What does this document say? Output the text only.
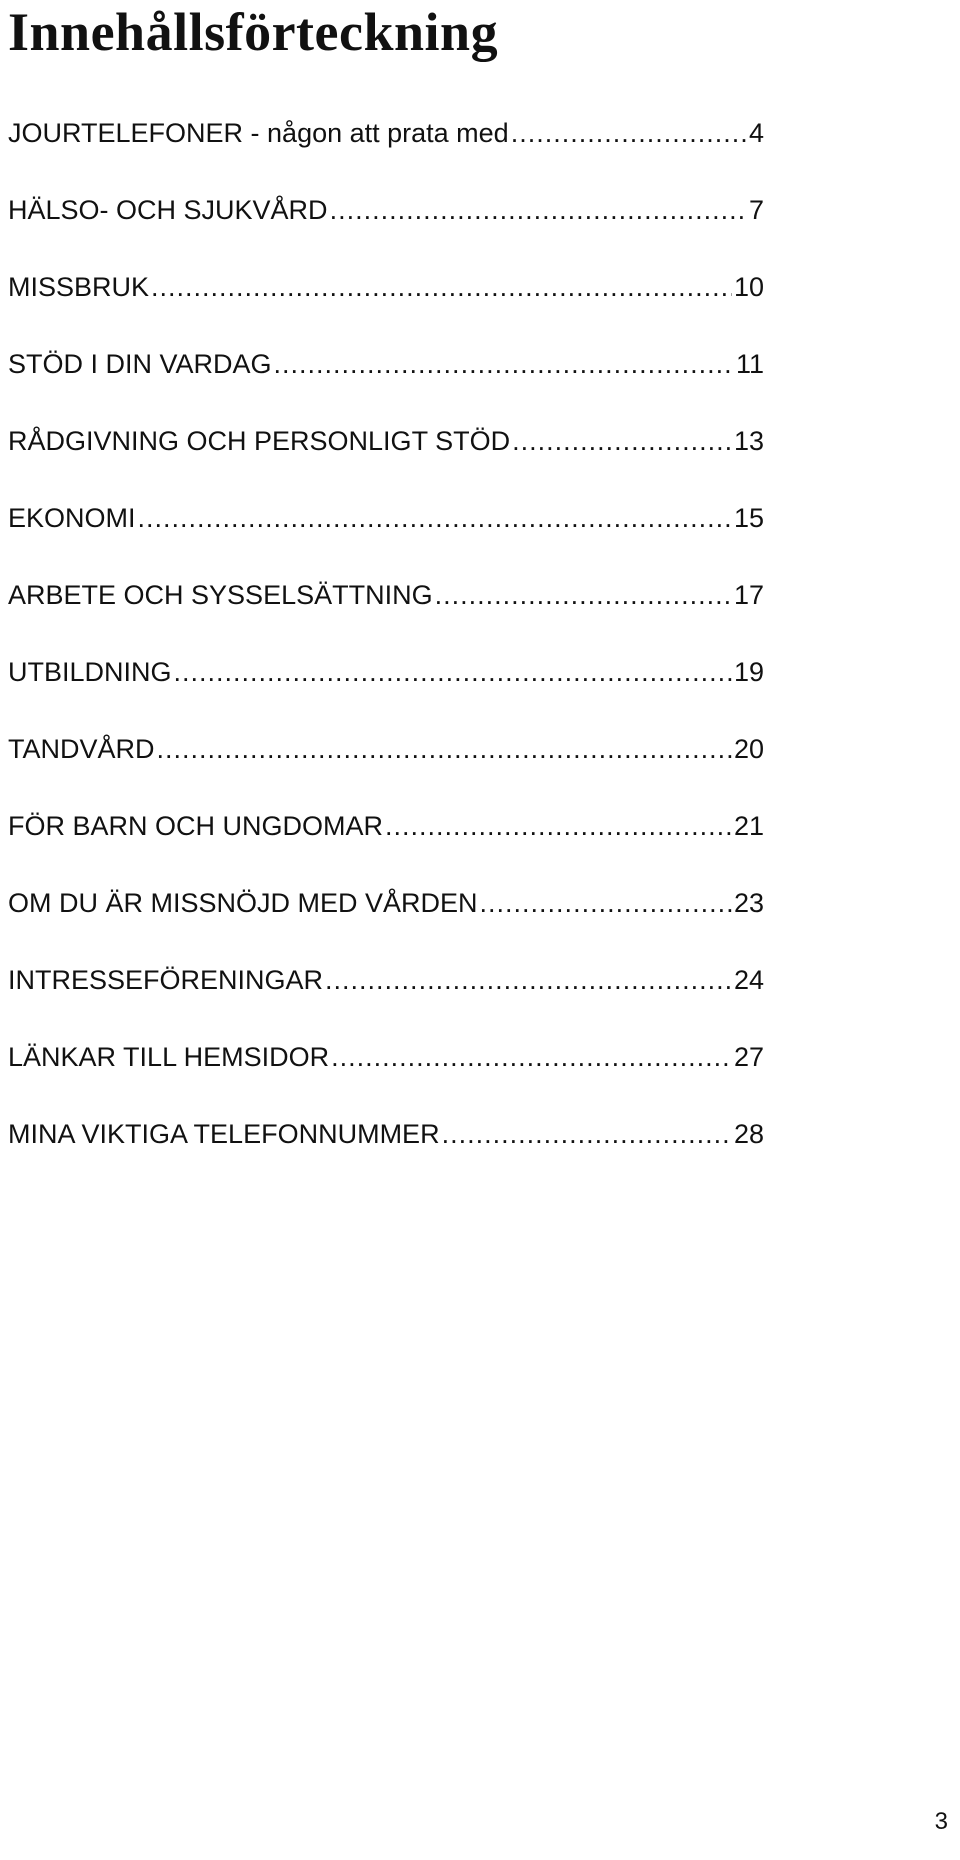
Innehållsförteckning
JOURTELEFONER - någon att prata med .....	4
HÄLSO- OCH SJUKVÅRD .....	7
MISSBRUK .....	10
STÖD I DIN VARDAG .....	11
RÅDGIVNING OCH PERSONLIGT STÖD .....	13
EKONOMI .....	15
ARBETE OCH SYSSELSÄTTNING .....	17
UTBILDNING .....	19
TANDVÅRD .....	20
FÖR BARN OCH UNGDOMAR .....	21
OM DU ÄR MISSNÖJD MED VÅRDEN .....	23
INTRESSEFÖRENINGAR .....	24
LÄNKAR TILL HEMSIDOR .....	27
MINA VIKTIGA TELEFONNUMMER .....	28
3
